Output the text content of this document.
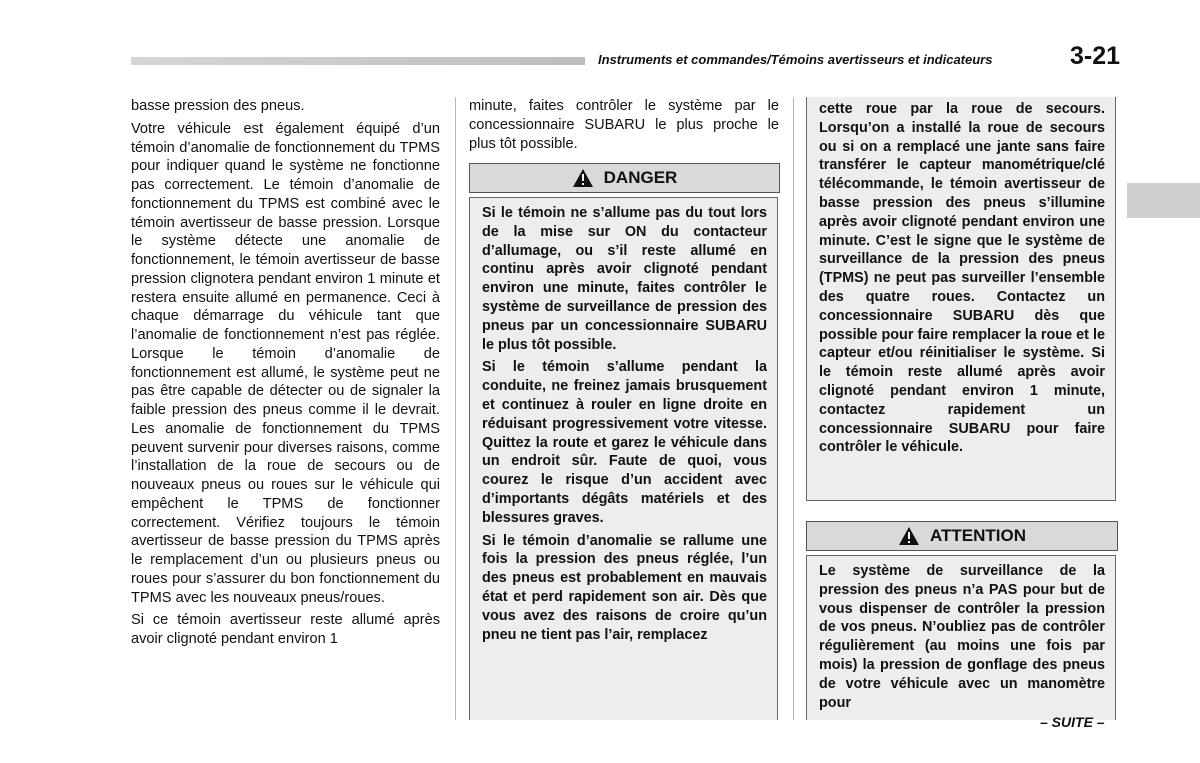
Instruments et commandes/Témoins avertisseurs et indicateurs	3-21

basse pression des pneus.

Votre véhicule est également équipé d’un témoin d’anomalie de fonctionnement du TPMS pour indiquer quand le système ne fonctionne pas correctement. Le témoin d’anomalie de fonctionnement du TPMS est combiné avec le témoin avertisseur de basse pression. Lorsque le système détecte une anomalie de fonctionnement, le témoin avertisseur de basse pression clignotera pendant environ 1 minute et restera ensuite allumé en permanence. Ceci à chaque démarrage du véhicule tant que l’anomalie de fonctionnement n’est pas réglée. Lorsque le témoin d’anomalie de fonctionnement est allumé, le système peut ne pas être capable de détecter ou de signaler la faible pression des pneus comme il le devrait. Les anomalie de fonctionnement du TPMS peuvent survenir pour diverses raisons, comme l’installation de la roue de secours ou de nouveaux pneus ou roues sur le véhicule qui empêchent le TPMS de fonctionner correctement. Vérifiez toujours le témoin avertisseur de basse pression du TPMS après le remplacement d’un ou plusieurs pneus ou roues pour s’assurer du bon fonctionnement du TPMS avec les nouveaux pneus/roues.

Si ce témoin avertisseur reste allumé après avoir clignoté pendant environ 1

minute, faites contrôler le système par le concessionnaire SUBARU le plus proche le plus tôt possible.

DANGER

Si le témoin ne s’allume pas du tout lors de la mise sur ON du contacteur d’allumage, ou s’il reste allumé en continu après avoir clignoté pendant environ une minute, faites contrôler le système de surveillance de pression des pneus par un concessionnaire SUBARU le plus tôt possible.

Si le témoin s’allume pendant la conduite, ne freinez jamais brusquement et continuez à rouler en ligne droite en réduisant progressivement votre vitesse. Quittez la route et garez le véhicule dans un endroit sûr. Faute de quoi, vous courez le risque d’un accident avec d’importants dégâts matériels et des blessures graves.

Si le témoin d’anomalie se rallume une fois la pression des pneus réglée, l’un des pneus est probablement en mauvais état et perd rapidement son air. Dès que vous avez des raisons de croire qu’un pneu ne tient pas l’air, remplacez

cette roue par la roue de secours. Lorsqu’on a installé la roue de secours ou si on a remplacé une jante sans faire transférer le capteur manométrique/clé télécommande, le témoin avertisseur de basse pression des pneus s’illumine après avoir clignoté pendant environ une minute. C’est le signe que le système de surveillance de la pression des pneus (TPMS) ne peut pas surveiller l’ensemble des quatre roues. Contactez un concessionnaire SUBARU dès que possible pour faire remplacer la roue et le capteur et/ou réinitialiser le système. Si le témoin reste allumé après avoir clignoté pendant environ 1 minute, contactez rapidement un concessionnaire SUBARU pour faire contrôler le véhicule.

ATTENTION

Le système de surveillance de la pression des pneus n’a PAS pour but de vous dispenser de contrôler la pression de vos pneus. N’oubliez pas de contrôler régulièrement (au moins une fois par mois) la pression de gonflage des pneus de votre véhicule avec un manomètre pour

– SUITE –
